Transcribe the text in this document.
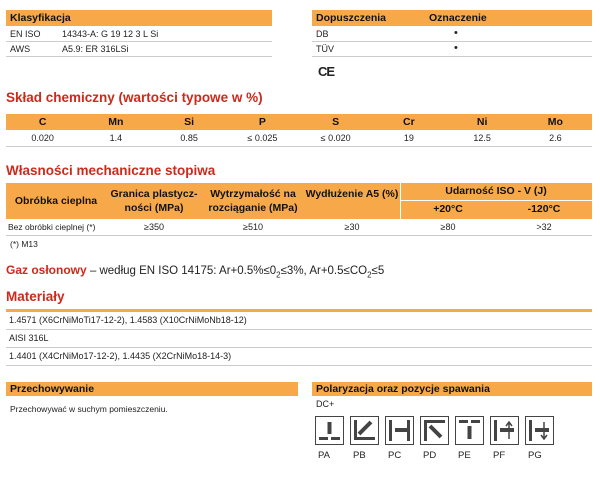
Klasyfikacja
EN ISO 14343-A: G 19 12 3 L Si
AWS	A5.9: ER 316LSi
Dopuszczenia	Oznaczenie
DB	•
TÜV	•
CE
Skład chemiczny (wartości typowe w %)
C	Mn	Si	P	S	Cr	Ni	Mo
0.020	1.4	0.85	≤ 0.025	≤ 0.020	19	12.5	2.6
Własności mechaniczne stopiwa
Obróbka cieplna
Granica plastycz-ności (MPa)
Wytrzymałość na rozciąganie (MPa)
Wydłużenie A5 (%)	Udarność ISO - V (J)
+20°C	-120°C
Bez obróbki cieplnej (*)	≥350	≥510	≥30	≥80	>32
(*) M13
Gaz osłonowy – według EN ISO 14175: $Ar+0.5\%\le 0_2\le 3\%$, $Ar+0.5\le CO_2\le 5$
Materiały
1.4571 (X6CrNiMoTi17-12-2), 1.4583 (X10CrNiMoNb18-12)
AISI 316L
1.4401 (X4CrNiMo17-12-2), 1.4435 (X2CrNiMo18-14-3)
Przechowywanie
Przechowywać w suchym pomieszczeniu.
Polaryzacja oraz pozycje spawania
DC+
PA	PB	PC	PD	PE	PF	PG
